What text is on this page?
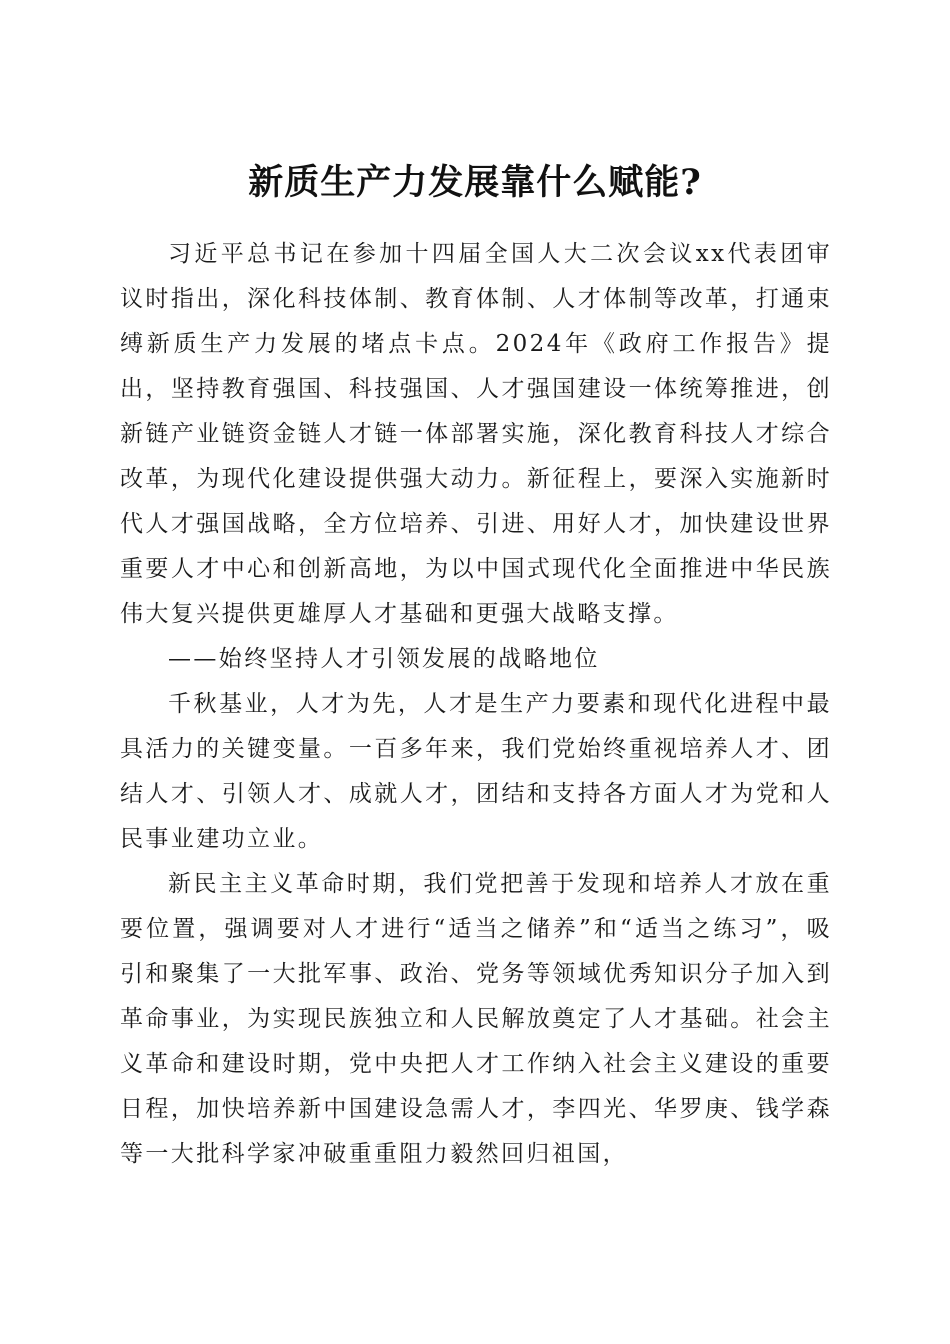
新质生产力发展靠什么赋能?

习近平总书记在参加十四届全国人大二次会议xx代表团审议时指出，深化科技体制、教育体制、人才体制等改革，打通束缚新质生产力发展的堵点卡点。2024年《政府工作报告》提出，坚持教育强国、科技强国、人才强国建设一体统筹推进，创新链产业链资金链人才链一体部署实施，深化教育科技人才综合改革，为现代化建设提供强大动力。新征程上，要深入实施新时代人才强国战略，全方位培养、引进、用好人才，加快建设世界重要人才中心和创新高地，为以中国式现代化全面推进中华民族伟大复兴提供更雄厚人才基础和更强大战略支撑。

——始终坚持人才引领发展的战略地位

千秋基业，人才为先，人才是生产力要素和现代化进程中最具活力的关键变量。一百多年来，我们党始终重视培养人才、团结人才、引领人才、成就人才，团结和支持各方面人才为党和人民事业建功立业。

新民主主义革命时期，我们党把善于发现和培养人才放在重要位置，强调要对人才进行“适当之储养”和“适当之练习”，吸引和聚集了一大批军事、政治、党务等领域优秀知识分子加入到革命事业，为实现民族独立和人民解放奠定了人才基础。社会主义革命和建设时期，党中央把人才工作纳入社会主义建设的重要日程，加快培养新中国建设急需人才，李四光、华罗庚、钱学森等一大批科学家冲破重重阻力毅然回归祖国，
